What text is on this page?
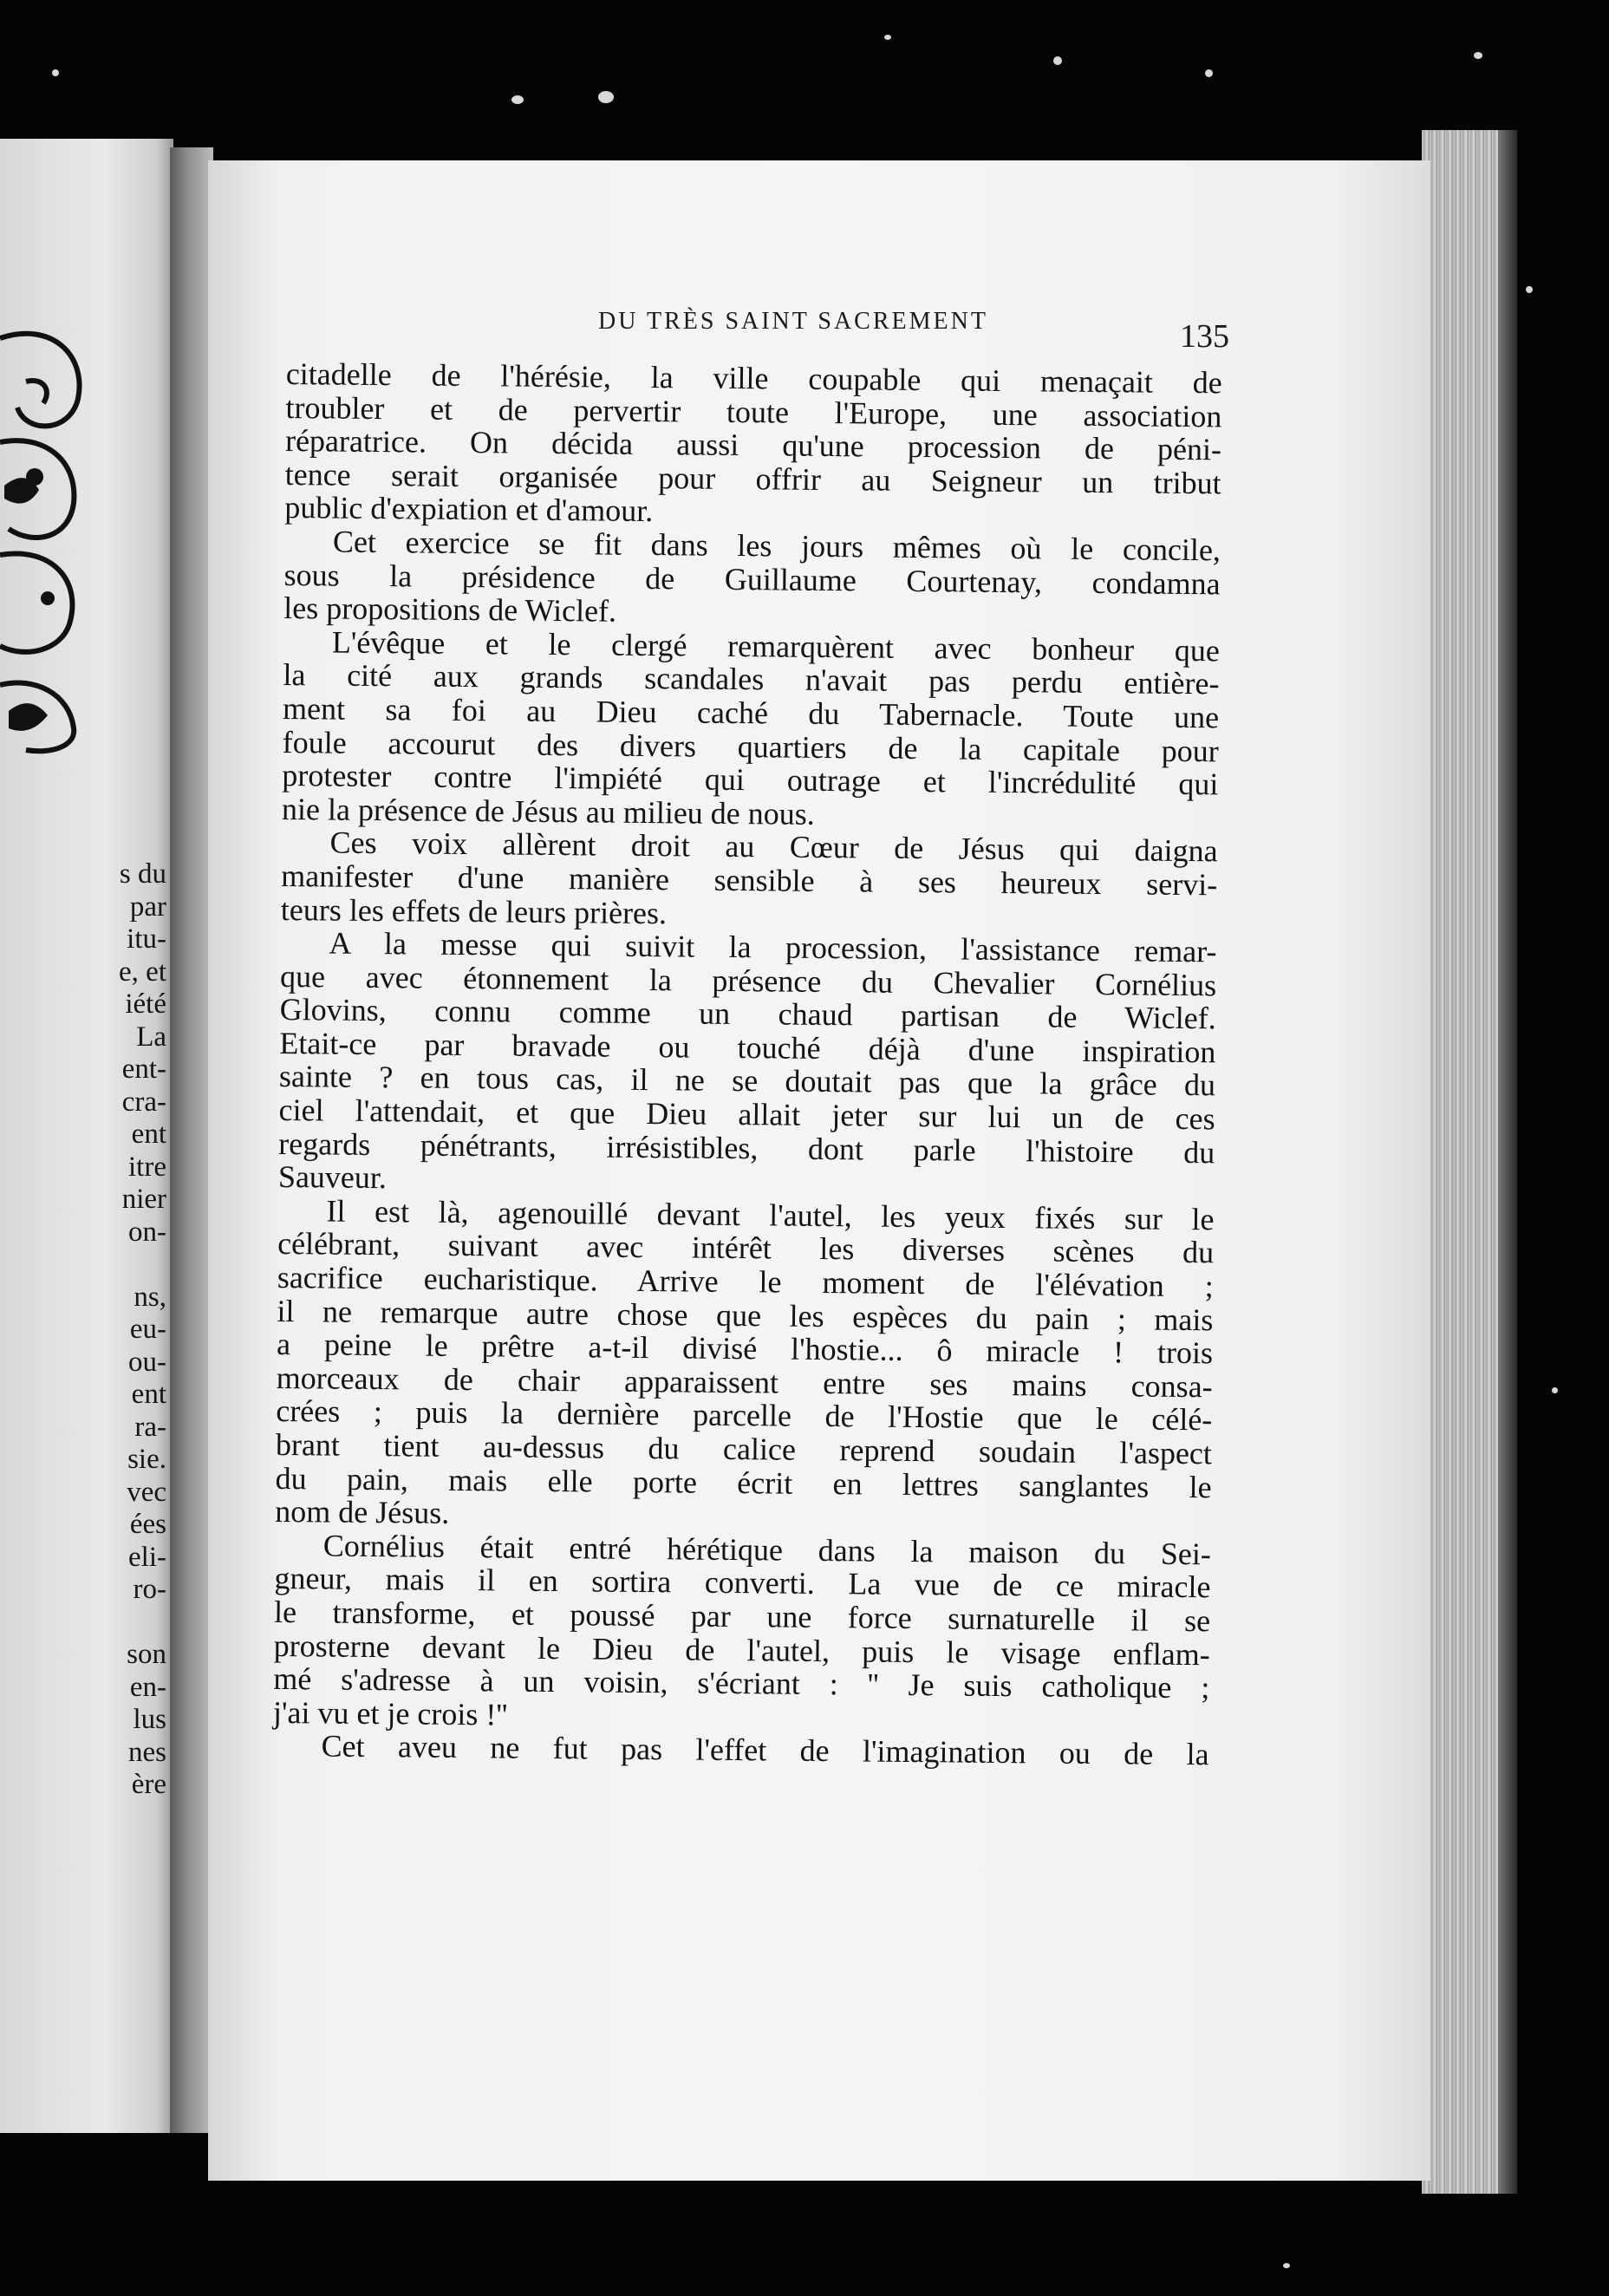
s du
par
itu-
e, et
iété
La
ent-
cra-
ent
itre
nier
on-
ns,
eu-
ou-
ent
ra-
sie.
vec
ées
eli-
ro-
son
en-
lus
nes
ère
DU TRÈS SAINT SACREMENT	135
citadelle de l'hérésie, la ville coupable qui menaçait de
troubler et de pervertir toute l'Europe, une association
réparatrice. On décida aussi qu'une procession de péni-
tence serait organisée pour offrir au Seigneur un tribut
public d'expiation et d'amour.
Cet exercice se fit dans les jours mêmes où le concile,
sous la présidence de Guillaume Courtenay, condamna
les propositions de Wiclef.
L'évêque et le clergé remarquèrent avec bonheur que
la cité aux grands scandales n'avait pas perdu entière-
ment sa foi au Dieu caché du Tabernacle. Toute une
foule accourut des divers quartiers de la capitale pour
protester contre l'impiété qui outrage et l'incrédulité qui
nie la présence de Jésus au milieu de nous.
Ces voix allèrent droit au Cœur de Jésus qui daigna
manifester d'une manière sensible à ses heureux servi-
teurs les effets de leurs prières.
A la messe qui suivit la procession, l'assistance remar-
que avec étonnement la présence du Chevalier Cornélius
Glovins, connu comme un chaud partisan de Wiclef.
Etait-ce par bravade ou touché déjà d'une inspiration
sainte ? en tous cas, il ne se doutait pas que la grâce du
ciel l'attendait, et que Dieu allait jeter sur lui un de ces
regards pénétrants, irrésistibles, dont parle l'histoire du
Sauveur.
Il est là, agenouillé devant l'autel, les yeux fixés sur le
célébrant, suivant avec intérêt les diverses scènes du
sacrifice eucharistique. Arrive le moment de l'élévation ;
il ne remarque autre chose que les espèces du pain ; mais
a peine le prêtre a-t-il divisé l'hostie... ô miracle ! trois
morceaux de chair apparaissent entre ses mains consa-
crées ; puis la dernière parcelle de l'Hostie que le célé-
brant tient au-dessus du calice reprend soudain l'aspect
du pain, mais elle porte écrit en lettres sanglantes le
nom de Jésus.
Cornélius était entré hérétique dans la maison du Sei-
gneur, mais il en sortira converti. La vue de ce miracle
le transforme, et poussé par une force surnaturelle il se
prosterne devant le Dieu de l'autel, puis le visage enflam-
mé s'adresse à un voisin, s'écriant : '' Je suis catholique ;
j'ai vu et je crois !''
Cet aveu ne fut pas l'effet de l'imagination ou de la
